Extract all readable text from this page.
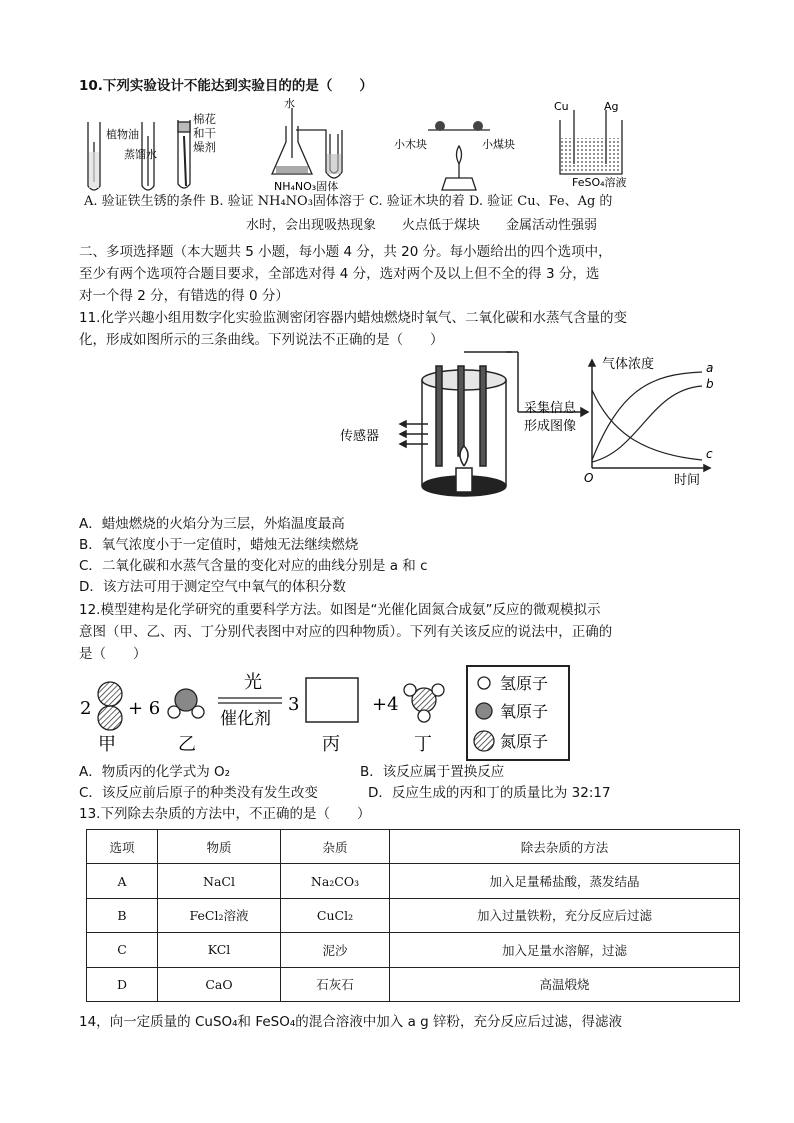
10.下列实验设计不能达到实验目的的是（　　）
植物油
蒸馏水
棉花和干燥剂
水
NH₄NO₃固体
小木块	小煤块
Cu	Ag
FeSO₄溶液
A. 验证铁生锈的条件 B. 验证 NH₄NO₃固体溶于 C. 验证木块的着 D. 验证 Cu、Fe、Ag 的
水时，会出现吸热现象　　火点低于煤块　　金属活动性强弱
二、多项选择题（本大题共 5 小题，每小题 4 分，共 20 分。每小题给出的四个选项中，
至少有两个选项符合题目要求，全部选对得 4 分，选对两个及以上但不全的得 3 分，选
对一个得 2 分，有错选的得 0 分）
11.化学兴趣小组用数字化实验监测密闭容器内蜡烛燃烧时氧气、二氧化碳和水蒸气含量的变
化，形成如图所示的三条曲线。下列说法不正确的是（　　）
a
b
c
气体浓度
时间
O
采集信息
形成图像
传感器
A．蜡烛燃烧的火焰分为三层，外焰温度最高
B．氧气浓度小于一定值时，蜡烛无法继续燃烧
C．二氧化碳和水蒸气含量的变化对应的曲线分别是 a 和 c
D．该方法可用于测定空气中氧气的体积分数
12.模型建构是化学研究的重要科学方法。如图是“光催化固氮合成氨”反应的微观模拟示
意图（甲、乙、丙、丁分别代表图中对应的四种物质）。下列有关该反应的说法中，正确的
是（　　）
2 + 6
光
催化剂
3	+4
甲	乙	丙	丁
氢原子
氧原子
氮原子
A．物质丙的化学式为 O₂	B．该反应属于置换反应
C．该反应前后原子的种类没有发生改变	D．反应生成的丙和丁的质量比为 32:17
13.下列除去杂质的方法中，不正确的是（　　）
选项	物质	杂质	除去杂质的方法
A	NaCl	Na₂CO₃	加入足量稀盐酸，蒸发结晶
B	FeCl₂溶液	CuCl₂	加入过量铁粉，充分反应后过滤
C	KCl	泥沙	加入足量水溶解，过滤
D	CaO	石灰石	高温煅烧
14，向一定质量的 CuSO₄和 FeSO₄的混合溶液中加入 a g 锌粉，充分反应后过滤，得滤液
